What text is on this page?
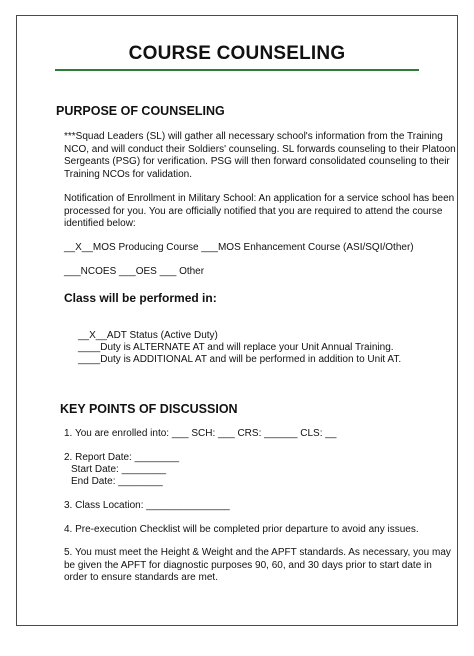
COURSE COUNSELING
PURPOSE OF COUNSELING
***Squad Leaders (SL) will gather all necessary school's information from the Training
NCO, and will conduct their Soldiers' counseling. SL forwards counseling to their Platoon
Sergeants (PSG) for verification. PSG will then forward consolidated counseling to their
Training NCOs for validation.
Notification of Enrollment in Military School: An application for a service school has been
processed for you. You are officially notified that you are required to attend the course
identified below:
__X__MOS Producing Course ___MOS Enhancement Course (ASI/SQI/Other)
___NCOES ___OES ___ Other
Class will be performed in:
__X__ADT Status (Active Duty)
____Duty is ALTERNATE AT and will replace your Unit Annual Training.
____Duty is ADDITIONAL AT and will be performed in addition to Unit AT.
KEY POINTS OF DISCUSSION
1. You are enrolled into: ___ SCH: ___ CRS: ______ CLS: __
2. Report Date: ________
Start Date: ________
End Date: ________
3. Class Location: _______________
4. Pre-execution Checklist will be completed prior departure to avoid any issues.
5. You must meet the Height & Weight and the APFT standards. As necessary, you may
be given the APFT for diagnostic purposes 90, 60, and 30 days prior to start date in
order to ensure standards are met.
